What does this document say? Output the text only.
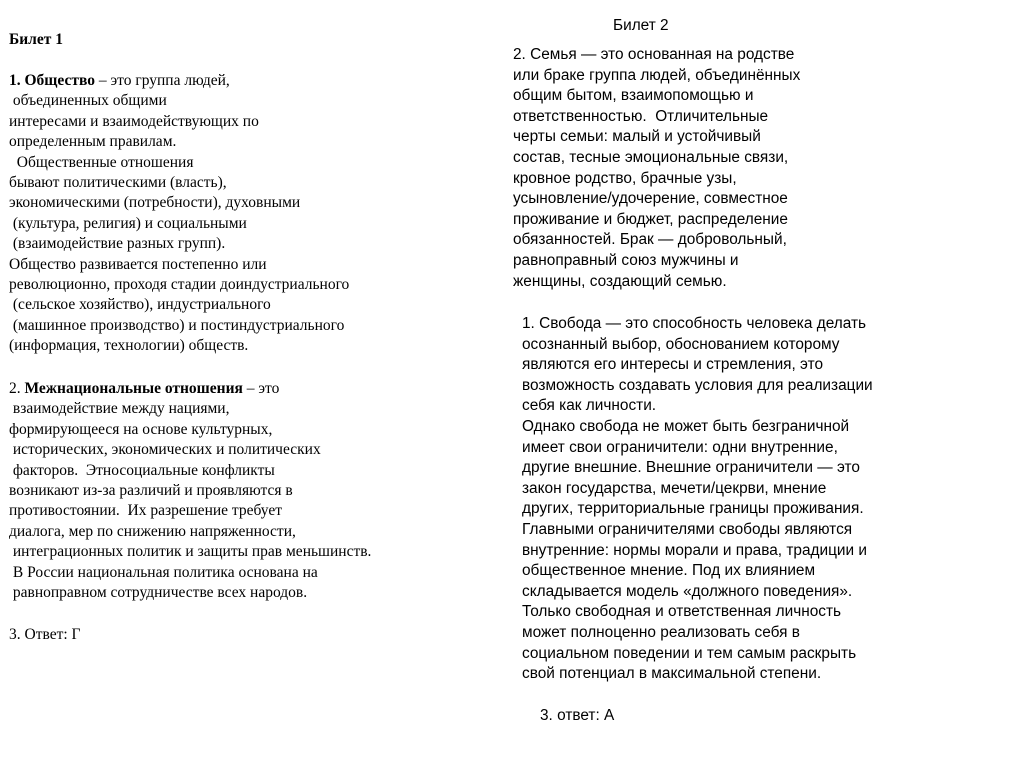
Билет 1
1. Общество – это группа людей,
объединенных общими
интересами и взаимодействующих по
определенным правилам.
Общественные отношения
бывают политическими (власть),
экономическими (потребности), духовными
(культура, религия) и социальными
(взаимодействие разных групп).
Общество развивается постепенно или
революционно, проходя стадии доиндустриального
(сельское хозяйство), индустриального
(машинное производство) и постиндустриального
(информация, технологии) обществ.
2. Межнациональные отношения – это
взаимодействие между нациями,
формирующееся на основе культурных,
исторических, экономических и политических
факторов.  Этносоциальные конфликты
возникают из-за различий и проявляются в
противостоянии.  Их разрешение требует
диалога, мер по снижению напряженности,
интеграционных политик и защиты прав меньшинств.
В России национальная политика основана на
равноправном сотрудничестве всех народов.
3. Ответ: Г
Билет 2
2. Семья — это основанная на родстве
или браке группа людей, объединённых
общим бытом, взаимопомощью и
ответственностью.  Отличительные
черты семьи: малый и устойчивый
состав, тесные эмоциональные связи,
кровное родство, брачные узы,
усыновление/удочерение, совместное
проживание и бюджет, распределение
обязанностей. Брак — добровольный,
равноправный союз мужчины и
женщины, создающий семью.
1. Свобода — это способность человека делать
осознанный выбор, обоснованием которому
являются его интересы и стремления, это
возможность создавать условия для реализации
себя как личности.
Однако свобода не может быть безграничной
имеет свои ограничители: одни внутренние,
другие внешние. Внешние ограничители — это
закон государства, мечети/цекрви, мнение
других, территориальные границы проживания.
Главными ограничителями свободы являются
внутренние: нормы морали и права, традиции и
общественное мнение. Под их влиянием
складывается модель «должного поведения».
Только свободная и ответственная личность
может полноценно реализовать себя в
социальном поведении и тем самым раскрыть
свой потенциал в максимальной степени.
3. ответ: А
